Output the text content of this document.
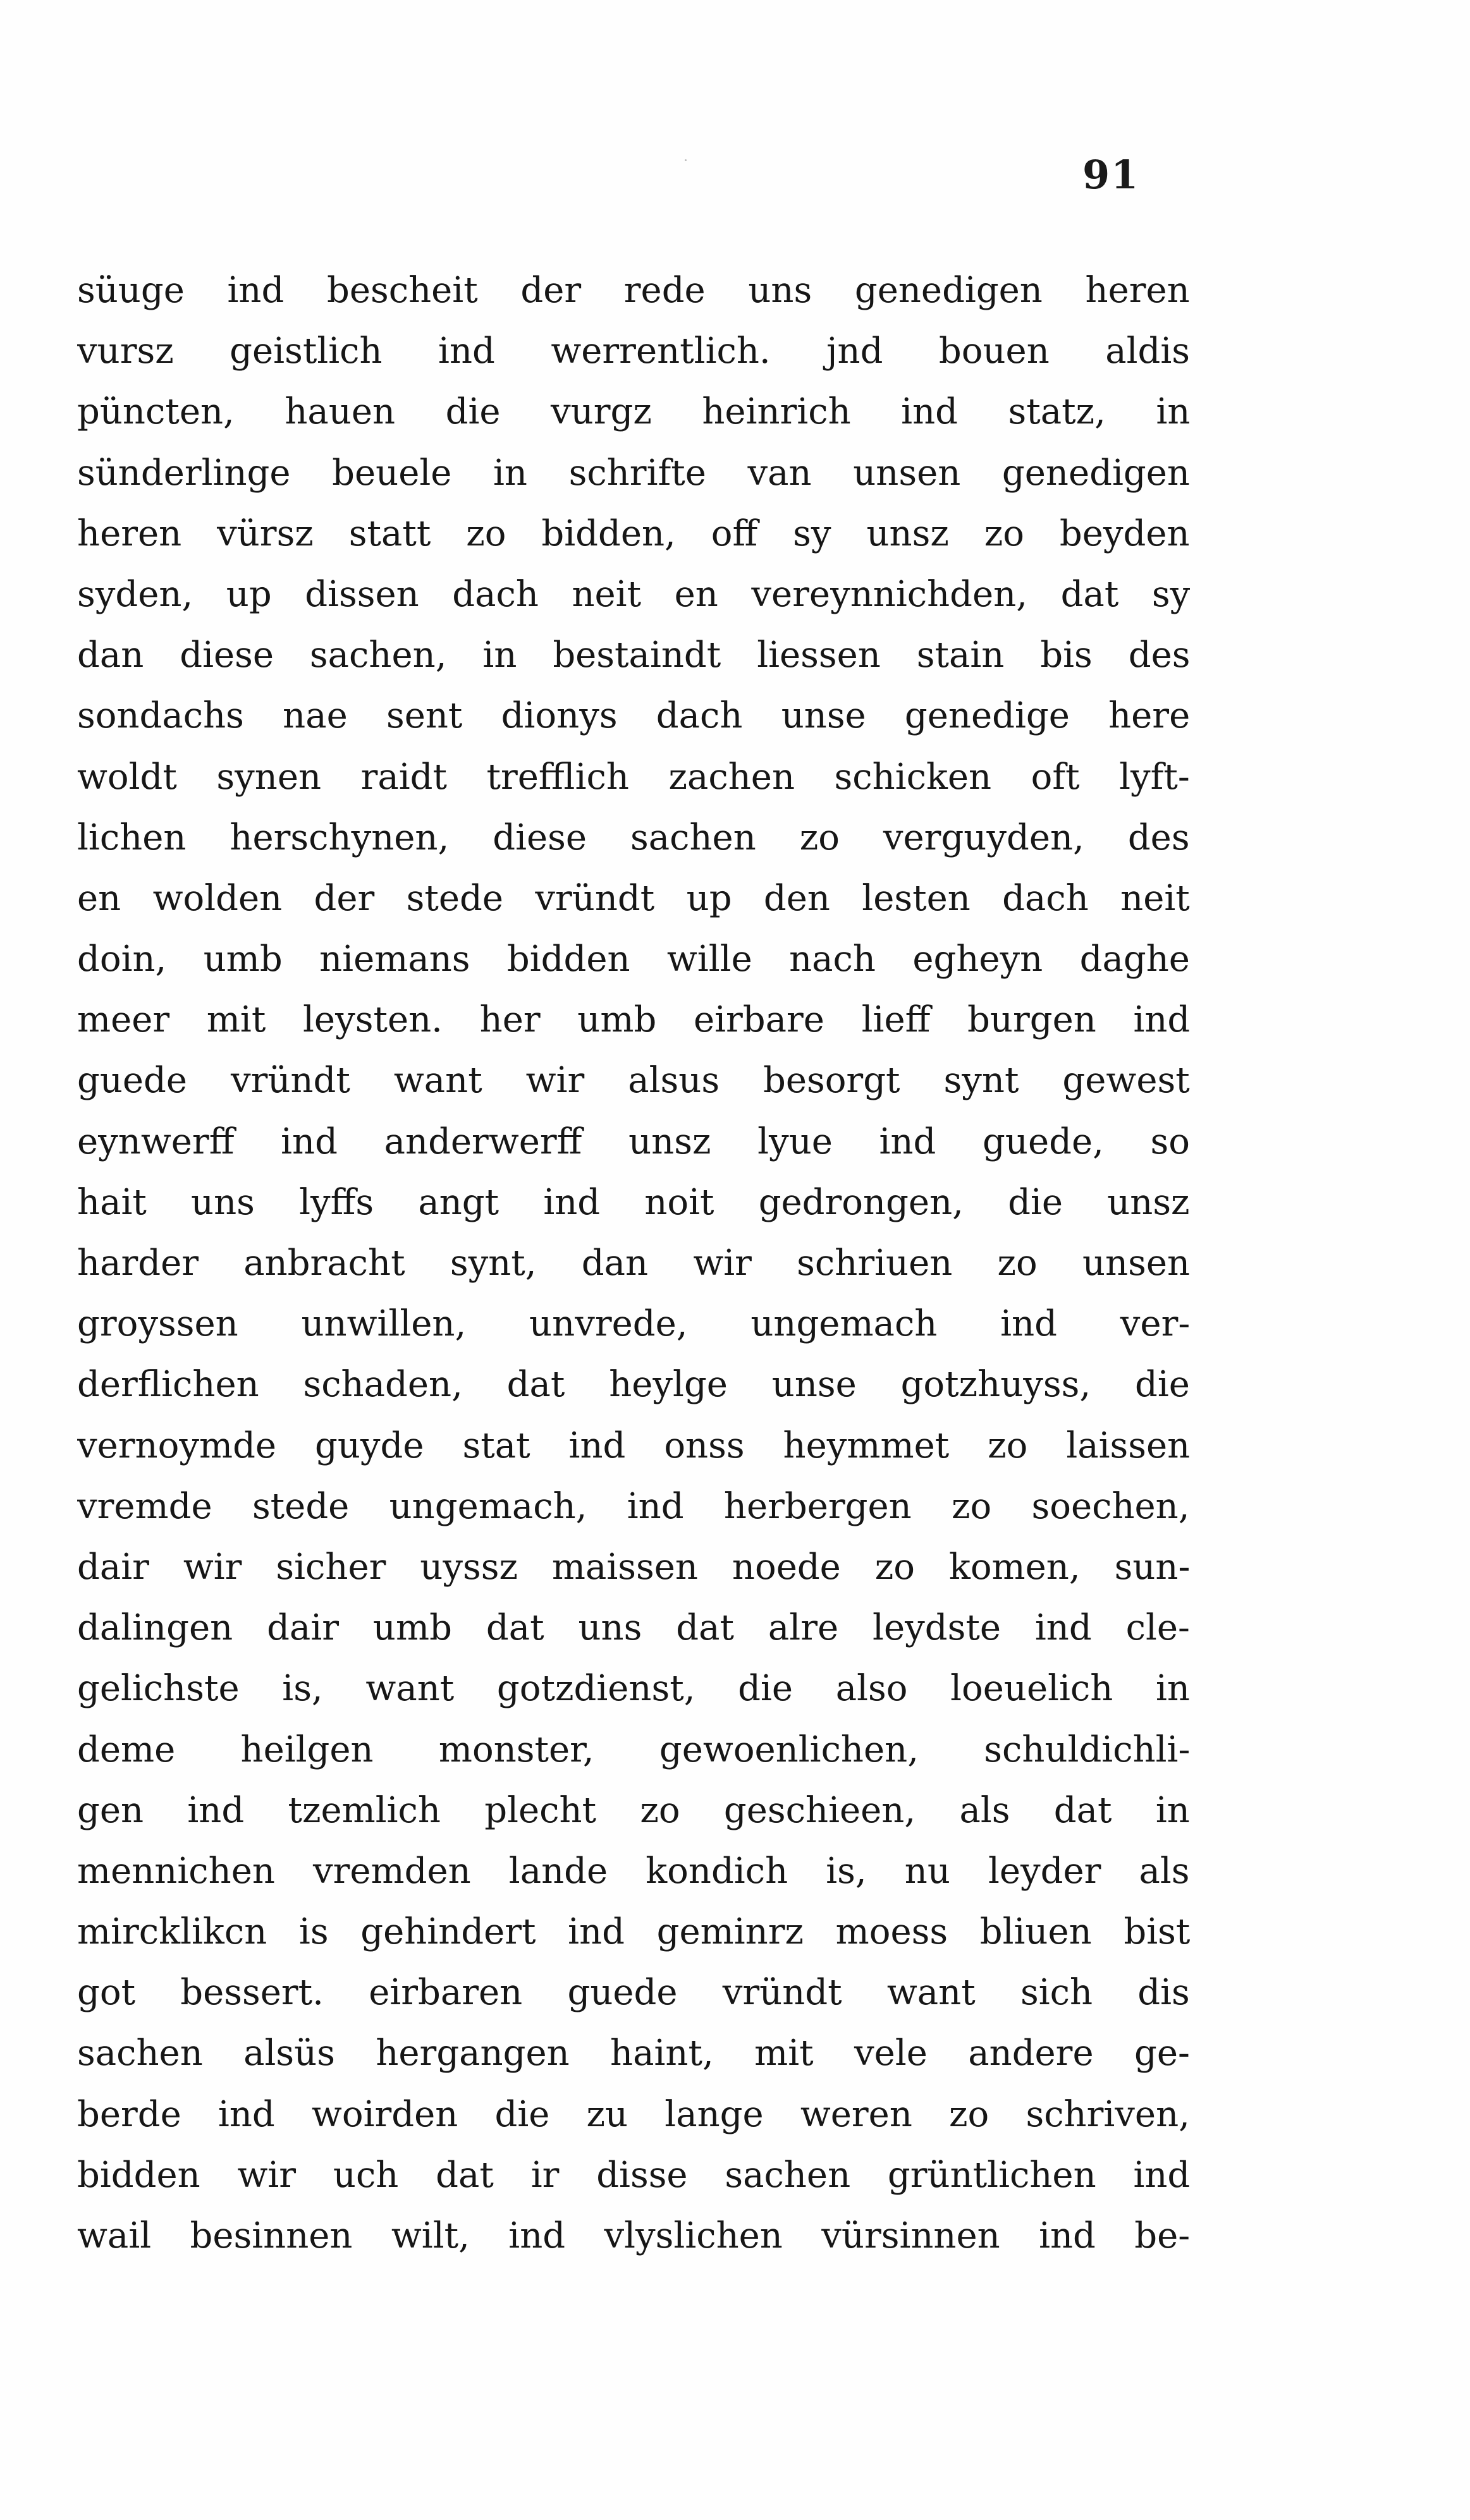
91
süuge ind bescheit der rede uns genedigen heren
vursz geistlich ind werrentlich. jnd bouen aldis
püncten, hauen die vurgz heinrich ind statz, in
sünderlinge beuele in schrifte van unsen genedigen
heren vürsz statt zo bidden, off sy unsz zo beyden
syden, up dissen dach neit en vereynnichden, dat sy
dan diese sachen, in bestaindt liessen stain bis des
sondachs nae sent dionys dach unse genedige here
woldt synen raidt trefflich zachen schicken oft lyft-
lichen herschynen, diese sachen zo verguyden, des
en wolden der stede vründt up den lesten dach neit
doin, umb niemans bidden wille nach egheyn daghe
meer mit leysten. her umb eirbare lieff burgen ind
guede vründt want wir alsus besorgt synt gewest
eynwerff ind anderwerff unsz lyue ind guede, so
hait uns lyffs angt ind noit gedrongen, die unsz
harder anbracht synt, dan wir schriuen zo unsen
groyssen unwillen, unvrede, ungemach ind ver-
derflichen schaden, dat heylge unse gotzhuyss, die
vernoymde guyde stat ind onss heymmet zo laissen
vremde stede ungemach, ind herbergen zo soechen,
dair wir sicher uyssz maissen noede zo komen, sun-
dalingen dair umb dat uns dat alre leydste ind cle-
gelichste is, want gotzdienst, die also loeuelich in
deme heilgen monster, gewoenlichen, schuldichli-
gen ind tzemlich plecht zo geschieen, als dat in
mennichen vremden lande kondich is, nu leyder als
mircklikcn is gehindert ind geminrz moess bliuen bist
got bessert. eirbaren guede vründt want sich dis
sachen alsüs hergangen haint, mit vele andere ge-
berde ind woirden die zu lange weren zo schriven,
bidden wir uch dat ir disse sachen grüntlichen ind
wail besinnen wilt, ind vlyslichen vürsinnen ind be-
